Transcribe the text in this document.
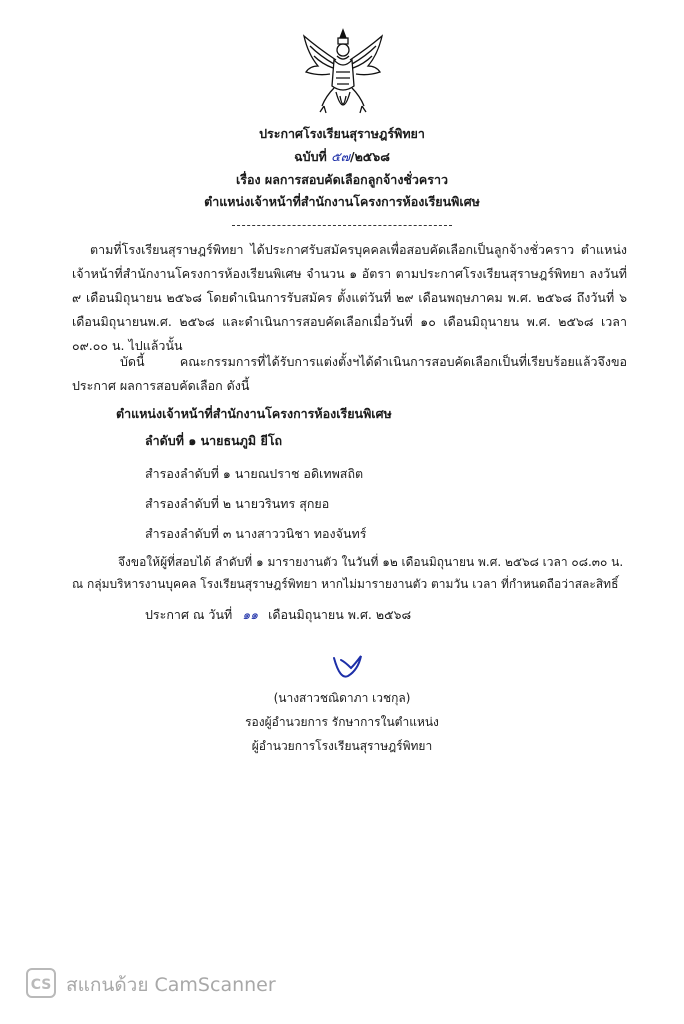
ประกาศโรงเรียนสุราษฎร์พิทยา
ฉบับที่ ๕๗/๒๕๖๘
เรื่อง ผลการสอบคัดเลือกลูกจ้างชั่วคราว
ตำแหน่งเจ้าหน้าที่สำนักงานโครงการห้องเรียนพิเศษ
ตามที่โรงเรียนสุราษฎร์พิทยา ได้ประกาศรับสมัครบุคคลเพื่อสอบคัดเลือกเป็นลูกจ้างชั่วคราว ตำแหน่ง เจ้าหน้าที่สำนักงานโครงการห้องเรียนพิเศษ จำนวน ๑ อัตรา ตามประกาศโรงเรียนสุราษฎร์พิทยา ลงวันที่ ๙ เดือนมิถุนายน ๒๕๖๘ โดยดำเนินการรับสมัคร ตั้งแต่วันที่ ๒๙ เดือนพฤษภาคม พ.ศ. ๒๕๖๘ ถึงวันที่ ๖ เดือนมิถุนายนพ.ศ. ๒๕๖๘ และดำเนินการสอบคัดเลือกเมื่อวันที่ ๑๐ เดือนมิถุนายน พ.ศ. ๒๕๖๘ เวลา ๐๙.๐๐ น. ไปแล้วนั้น
บัดนี้ คณะกรรมการที่ได้รับการแต่งตั้งฯได้ดำเนินการสอบคัดเลือกเป็นที่เรียบร้อยแล้วจึงขอประกาศ ผลการสอบคัดเลือก ดังนี้
ตำแหน่งเจ้าหน้าที่สำนักงานโครงการห้องเรียนพิเศษ
ลำดับที่ ๑ นายธนภูมิ ยีโถ
สำรองลำดับที่ ๑ นายณปราช อดิเทพสถิต
สำรองลำดับที่ ๒ นายวรินทร สุกยอ
สำรองลำดับที่ ๓ นางสาววนิชา ทองจันทร์
จึงขอให้ผู้ที่สอบได้ ลำดับที่ ๑ มารายงานตัว ในวันที่ ๑๒ เดือนมิถุนายน พ.ศ. ๒๕๖๘ เวลา ๐๘.๓๐ น.
ณ กลุ่มบริหารงานบุคคล โรงเรียนสุราษฎร์พิทยา หากไม่มารายงานตัว ตามวัน เวลา ที่กำหนดถือว่าสละสิทธิ์
ประกาศ ณ วันที่ ๑๑ เดือนมิถุนายน พ.ศ. ๒๕๖๘
(นางสาวชณิดาภา เวชกุล)
รองผู้อำนวยการ รักษาการในตำแหน่ง
ผู้อำนวยการโรงเรียนสุราษฎร์พิทยา
CS สแกนด้วย CamScanner
